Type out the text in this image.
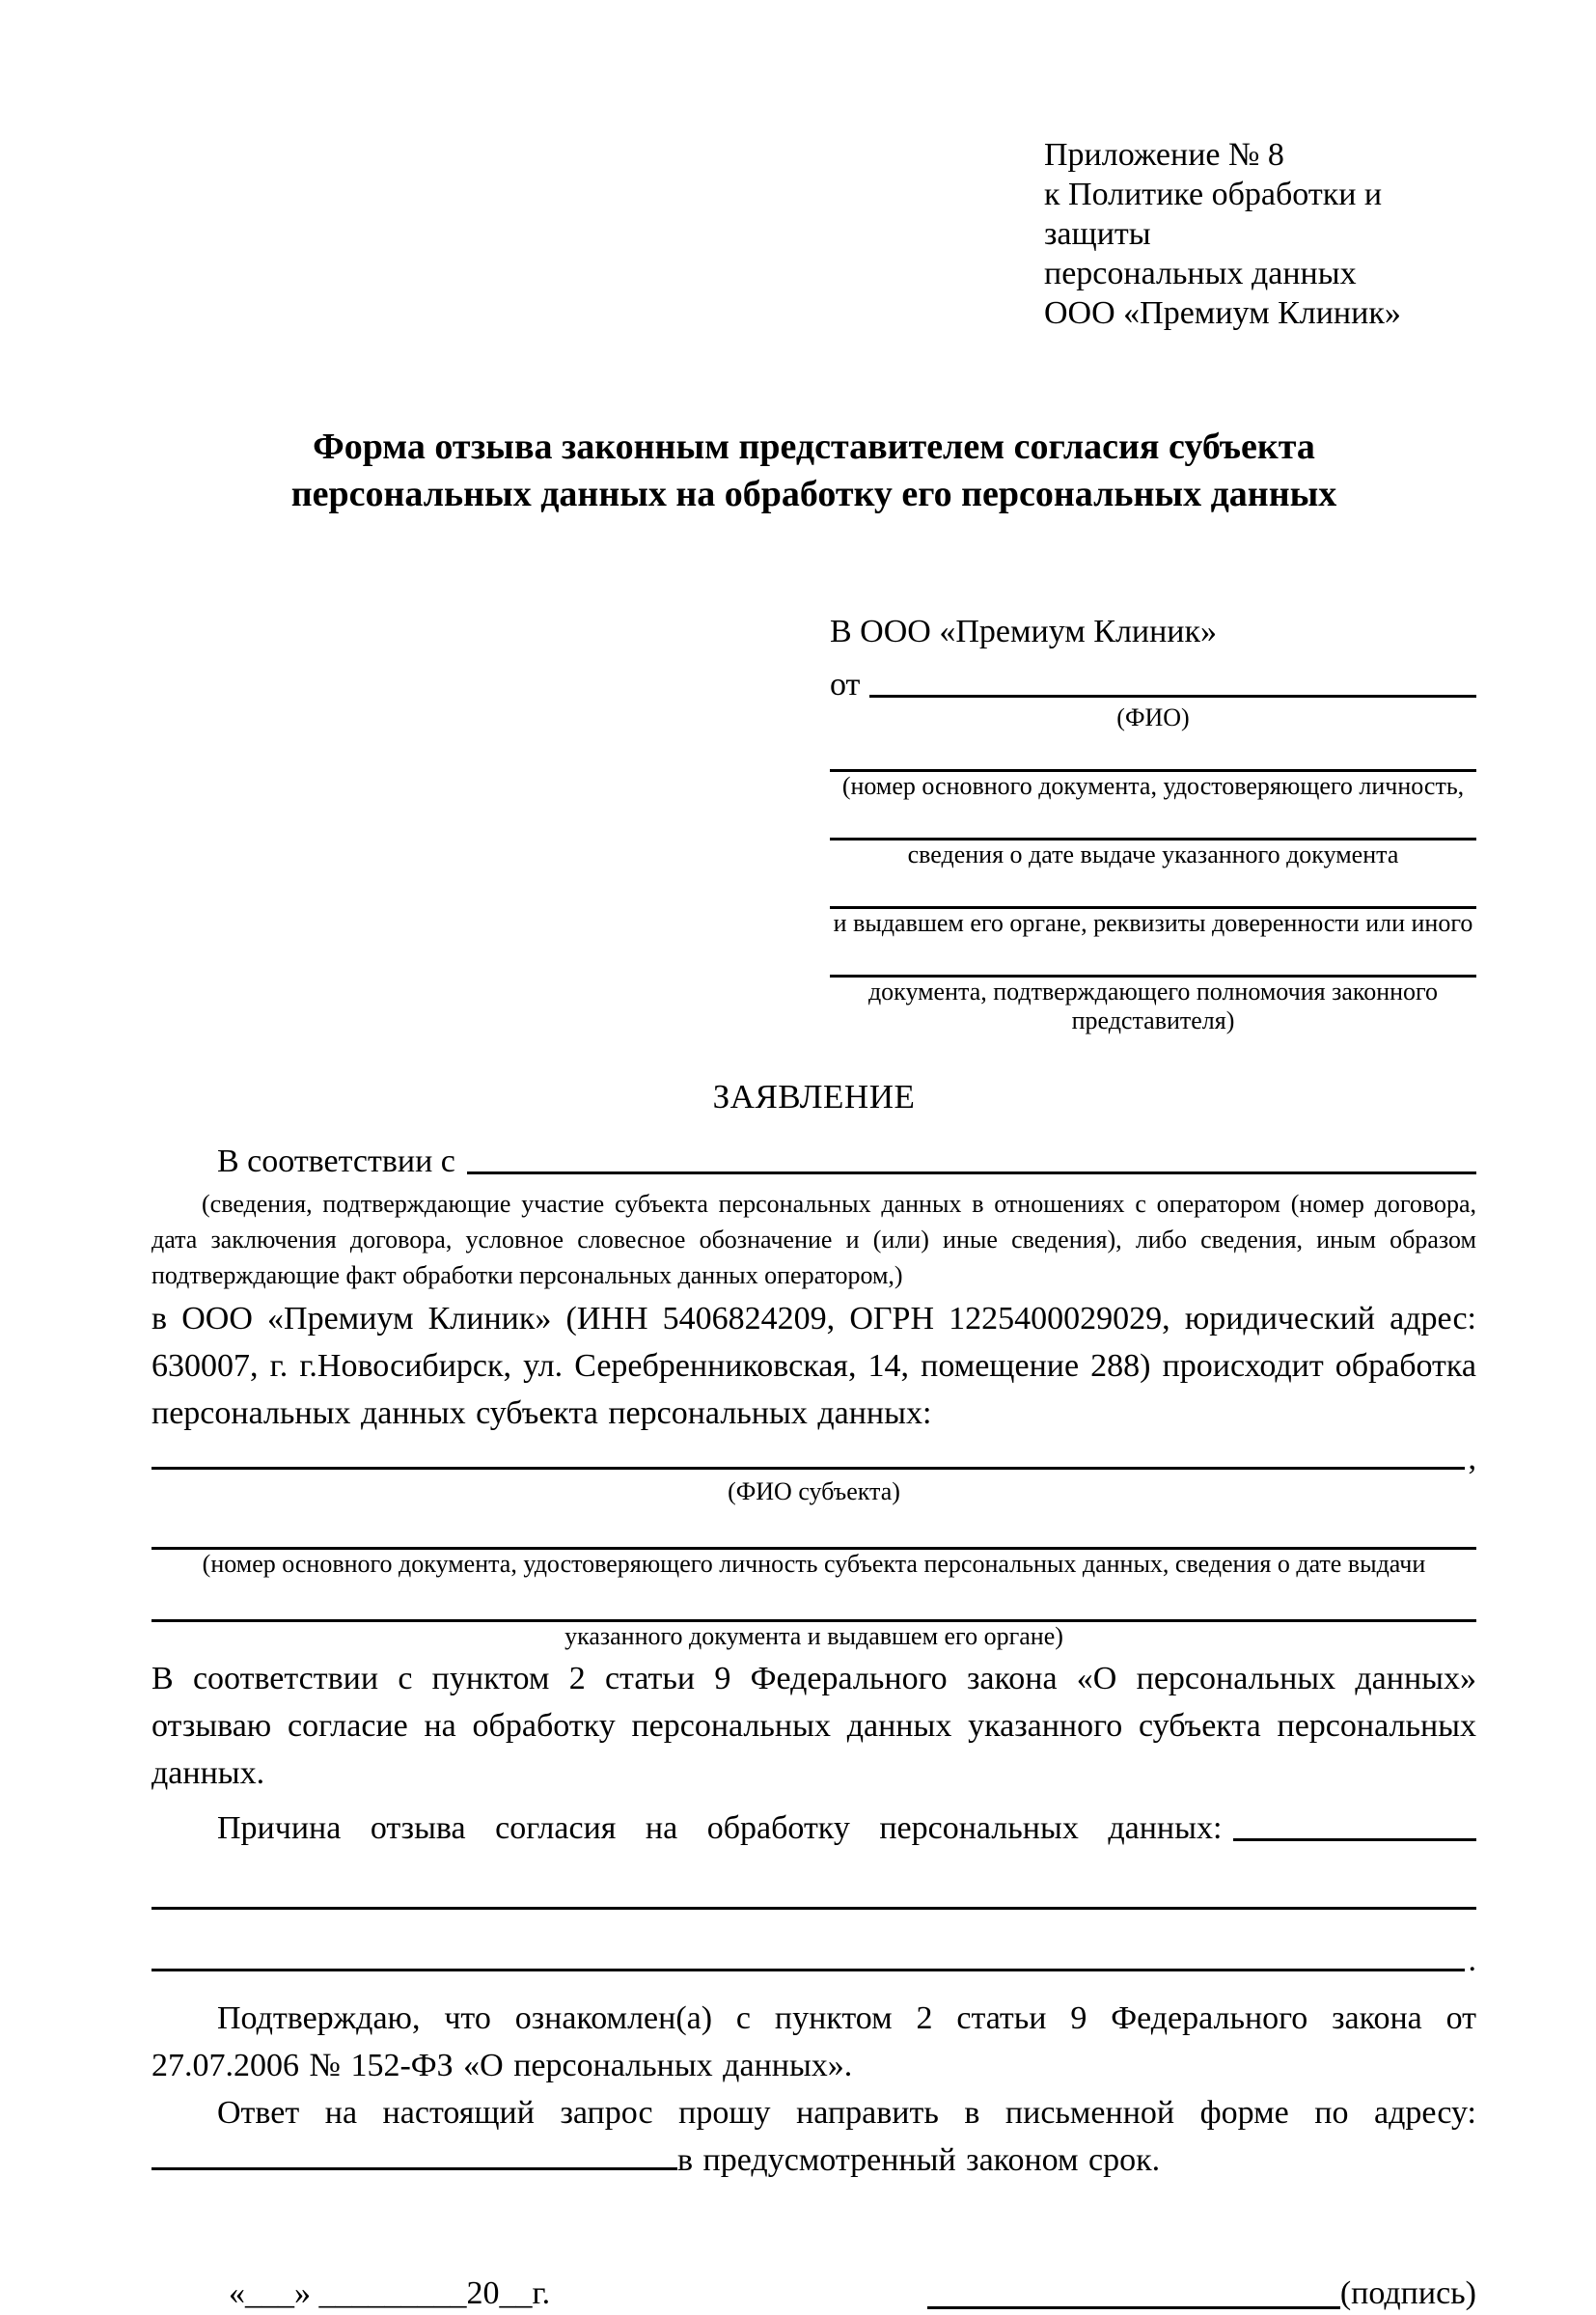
Приложение № 8
к Политике обработки и защиты
персональных данных
ООО «Премиум Клиник»
Форма отзыва законным представителем согласия субъекта
персональных данных на обработку его персональных данных
В ООО «Премиум Клиник»
от
(ФИО)
(номер основного документа, удостоверяющего личность,
сведения о дате выдаче указанного документа
и выдавшем его органе, реквизиты доверенности или иного
документа, подтверждающего полномочия законного представителя)
ЗАЯВЛЕНИЕ
В соответствии с

(сведения, подтверждающие участие субъекта персональных данных в отношениях с оператором (номер договора, дата заключения договора, условное словесное обозначение и (или) иные сведения), либо сведения, иным образом подтверждающие факт обработки персональных данных оператором,)

в ООО «Премиум Клиник» (ИНН 5406824209, ОГРН 1225400029029, юридический адрес: 630007, г. г.Новосибирск, ул. Серебренниковская, 14, помещение 288) происходит обработка персональных данных субъекта персональных данных:

,
(ФИО субъекта)
(номер основного документа, удостоверяющего личность субъекта персональных данных, сведения о дате выдачи
указанного документа и выдавшем его органе)

В соответствии с пунктом 2 статьи 9 Федерального закона «О персональных данных» отзываю согласие на обработку персональных данных указанного субъекта персональных данных.

Причина отзыва согласия на обработку персональных данных:
.

Подтверждаю, что ознакомлен(а) с пунктом 2 статьи 9 Федерального закона от 27.07.2006 № 152-ФЗ «О персональных данных».

Ответ на настоящий запрос прошу направить в письменной форме по адресу: в предусмотренный законом срок.

«___» _________20__г.	(подпись)
